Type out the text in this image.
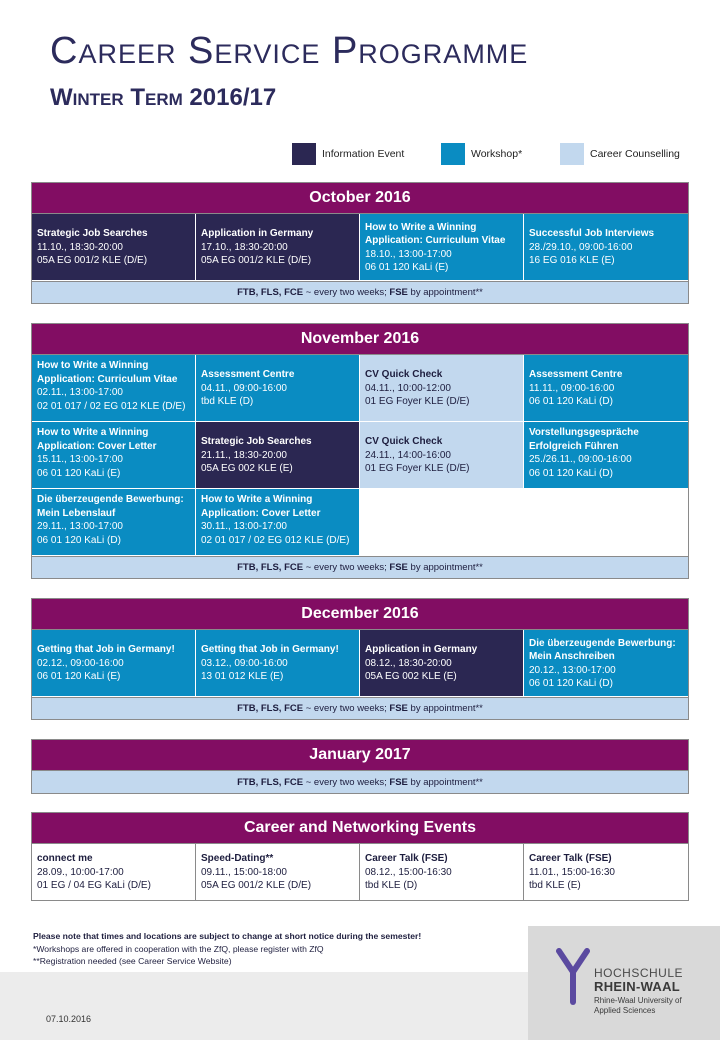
Career Service Programme
Winter Term 2016/17
Information Event	Workshop*	Career Counselling
October 2016
Strategic Job Searches
11.10., 18:30-20:00
05A EG 001/2 KLE (D/E)
Application in Germany
17.10., 18:30-20:00
05A EG 001/2 KLE (D/E)
How to Write a Winning Application: Curriculum Vitae
18.10., 13:00-17:00
06 01 120 KaLi (E)
Successful Job Interviews
28./29.10., 09:00-16:00
16 EG 016 KLE (E)
FTB, FLS, FCE ~ every two weeks; FSE by appointment**
November 2016
How to Write a Winning Application: Curriculum Vitae
02.11., 13:00-17:00
02 01 017 / 02 EG 012 KLE (D/E)
Assessment Centre
04.11., 09:00-16:00
tbd KLE (D)
CV Quick Check
04.11., 10:00-12:00
01 EG Foyer KLE (D/E)
Assessment Centre
11.11., 09:00-16:00
06 01 120 KaLi (D)
How to Write a Winning Application: Cover Letter
15.11., 13:00-17:00
06 01 120 KaLi (E)
Strategic Job Searches
21.11., 18:30-20:00
05A EG 002 KLE (E)
CV Quick Check
24.11., 14:00-16:00
01 EG Foyer KLE (D/E)
Vorstellungsgespräche Erfolgreich Führen
25./26.11., 09:00-16:00
06 01 120 KaLi (D)
Die überzeugende Bewerbung: Mein Lebenslauf
29.11., 13:00-17:00
06 01 120 KaLi (D)
How to Write a Winning Application: Cover Letter
30.11., 13:00-17:00
02 01 017 / 02 EG 012 KLE (D/E)
FTB, FLS, FCE ~ every two weeks; FSE by appointment**
December 2016
Getting that Job in Germany!
02.12., 09:00-16:00
06 01 120 KaLi (E)
Getting that Job in Germany!
03.12., 09:00-16:00
13 01 012 KLE (E)
Application in Germany
08.12., 18:30-20:00
05A EG 002 KLE (E)
Die überzeugende Bewerbung: Mein Anschreiben
20.12., 13:00-17:00
06 01 120 KaLi (D)
FTB, FLS, FCE ~ every two weeks; FSE by appointment**
January 2017
FTB, FLS, FCE ~ every two weeks; FSE by appointment**
Career and Networking Events
connect me
28.09., 10:00-17:00
01 EG / 04 EG KaLi (D/E)
Speed-Dating**
09.11., 15:00-18:00
05A EG 001/2 KLE (D/E)
Career Talk (FSE)
08.12., 15:00-16:30
tbd KLE (D)
Career Talk (FSE)
11.01., 15:00-16:30
tbd KLE (E)
Please note that times and locations are subject to change at short notice during the semester!
*Workshops are offered in cooperation with the ZfQ, please register with ZfQ
**Registration needed (see Career Service Website)
07.10.2016
HOCHSCHULE
RHEIN-WAAL
Rhine-Waal University of Applied Sciences
